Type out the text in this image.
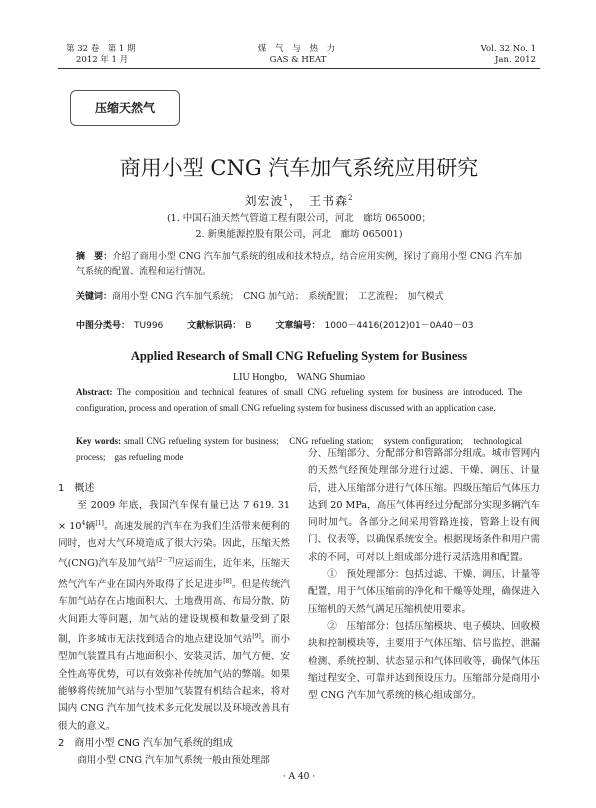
第 32 卷　第 1 期
2012 年 1 月
煤 气 与 热 力
GAS & HEAT
Vol. 32 No. 1
Jan. 2012
压缩天然气
商用小型 CNG 汽车加气系统应用研究
刘宏波$^1$，　王书森$^2$
(1. 中国石油天然气管道工程有限公司，河北　廊坊 065000；
2. 新奥能源控股有限公司，河北　廊坊 065001)
摘　要：介绍了商用小型 CNG 汽车加气系统的组成和技术特点，结合应用实例，探讨了商用小型 CNG 汽车加气系统的配置、流程和运行情况。
关键词：商用小型 CNG 汽车加气系统；　CNG 加气站；　系统配置；　工艺流程；　加气模式
中图分类号： TU996	文献标识码： B	文章编号： 1000－4416(2012)01－0A40－03
Applied Research of Small CNG Refueling System for Business
LIU Hongbo,　WANG Shumiao
Abstract: The composition and technical features of small CNG refueling system for business are introduced. The configuration, process and operation of small CNG refueling system for business discussed with an application case.
Key words: small CNG refueling system for business;　CNG refueling station;　system configuration;　technological process;　gas refueling mode
1　概述
至 2009 年底，我国汽车保有量已达 7 619. $31 \times 10^4$辆[1]。高速发展的汽车在为我们生活带来便利的同时，也对大气环境造成了很大污染。因此，压缩天然气(CNG)汽车及加气站[2－7]应运而生，近年来，压缩天然气汽车产业在国内外取得了长足进步[8]。但是传统汽车加气站存在占地面积大、土地费用高、布局分散、防火间距大等问题，加气站的建设规模和数量受到了限制，许多城市无法找到适合的地点建设加气站[9]。而小型加气装置具有占地面积小、安装灵活、加气方便、安全性高等优势，可以有效弥补传统加气站的弊端。如果能够将传统加气站与小型加气装置有机结合起来，将对国内 CNG 汽车加气技术多元化发展以及环境改善具有很大的意义。
2　商用小型 CNG 汽车加气系统的组成
商用小型 CNG 汽车加气系统一般由预处理部
分、压缩部分、分配部分和管路部分组成。城市管网内的天然气经预处理部分进行过滤、干燥、调压、计量后，进入压缩部分进行气体压缩。四级压缩后气体压力达到 20 MPa，高压气体再经过分配部分实现多辆汽车同时加气。各部分之间采用管路连接，管路上设有阀门、仪表等，以确保系统安全。根据现场条件和用户需求的不同，可对以上组成部分进行灵活选用和配置。
①　预处理部分：包括过滤、干燥、调压、计量等配置，用于气体压缩前的净化和干燥等处理，确保进入压缩机的天然气满足压缩机使用要求。
②　压缩部分：包括压缩模块、电子模块、回收模块和控制模块等，主要用于气体压缩、信号监控、泄漏检测、系统控制、状态显示和气体回收等，确保气体压缩过程安全、可靠并达到预设压力。压缩部分是商用小型 CNG 汽车加气系统的核心组成部分。
· A 40 ·
